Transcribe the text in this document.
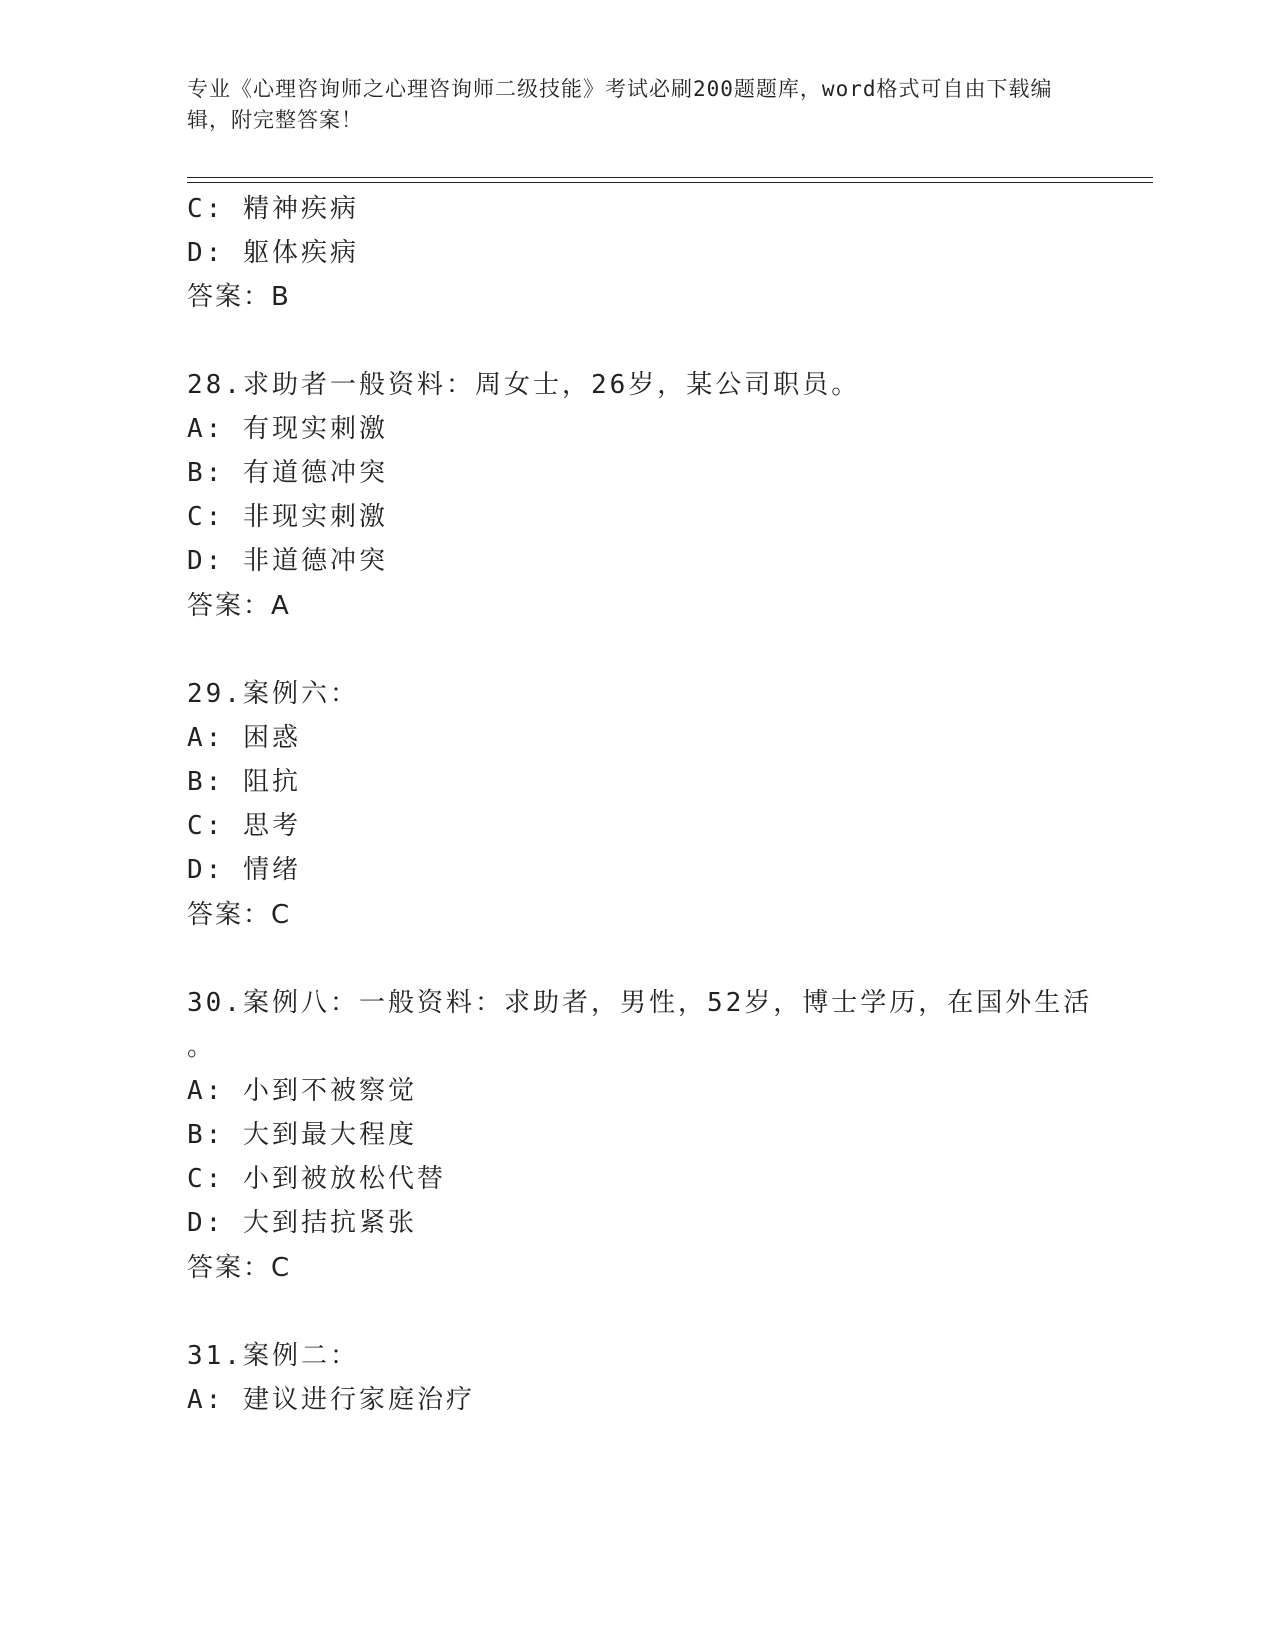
专业《心理咨询师之心理咨询师二级技能》考试必刷200题题库，word格式可自由下载编辑，附完整答案！
C: 精神疾病
D: 躯体疾病
答案：B
28.求助者一般资料：周女士，26岁，某公司职员。
A: 有现实刺激
B: 有道德冲突
C: 非现实刺激
D: 非道德冲突
答案：A
29.案例六：
A: 困惑
B: 阻抗
C: 思考
D: 情绪
答案：C
30.案例八：一般资料：求助者，男性，52岁，博士学历，在国外生活
。
A: 小到不被察觉
B: 大到最大程度
C: 小到被放松代替
D: 大到拮抗紧张
答案：C
31.案例二：
A: 建议进行家庭治疗
